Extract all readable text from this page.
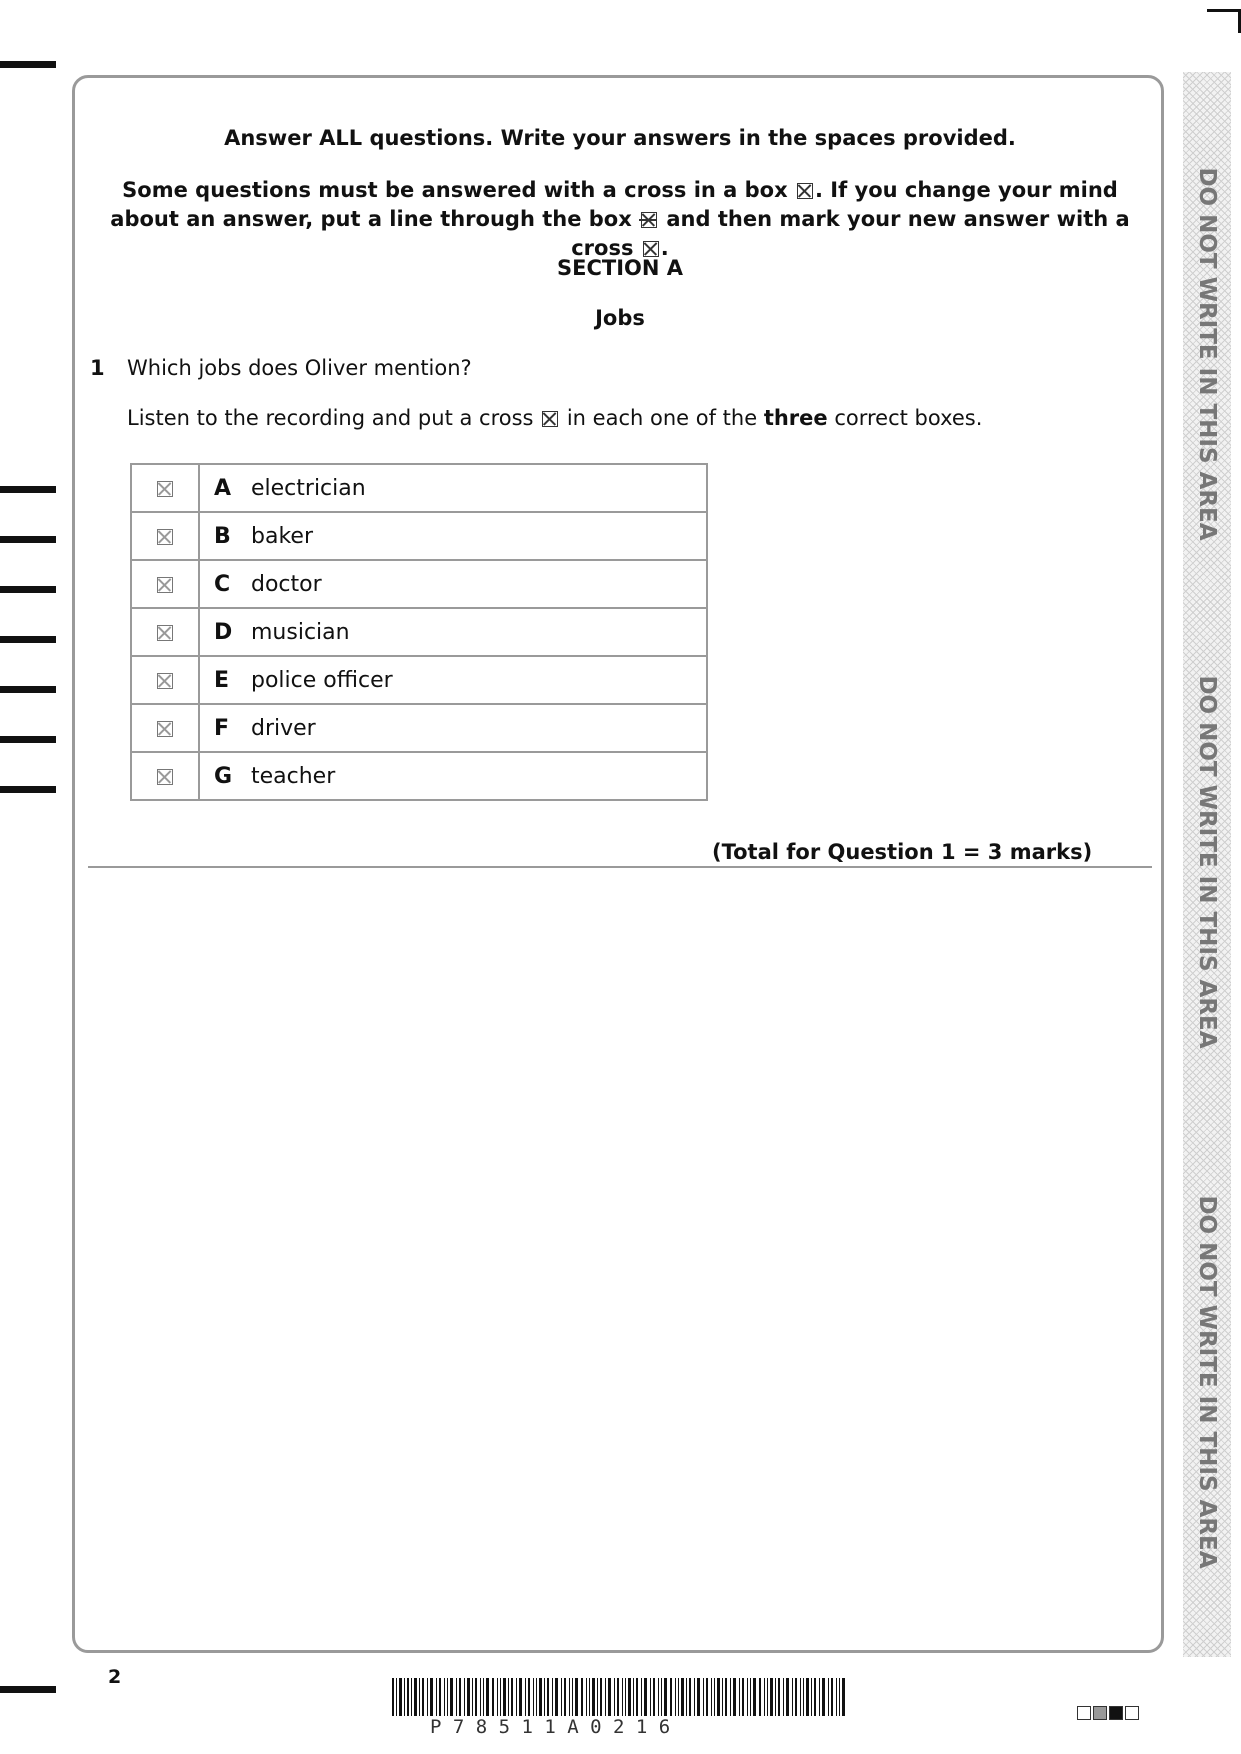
Answer ALL questions. Write your answers in the spaces provided.
Some questions must be answered with a cross in a box ☒ . If you change your mind about an answer, put a line through the box and then mark your new answer with a cross ☒ .
SECTION A
Jobs
1 Which jobs does Oliver mention?
Listen to the recording and put a cross ☒ in each one of the three correct boxes.
	A electrician
	B baker
	C doctor
	D musician
	E police officer
	F driver
	G teacher
(Total for Question 1 = 3 marks)
DO NOT WRITE IN THIS AREA
DO NOT WRITE IN THIS AREA
DO NOT WRITE IN THIS AREA
2
P 7 8 5 1 1 A 0 2 1 6
